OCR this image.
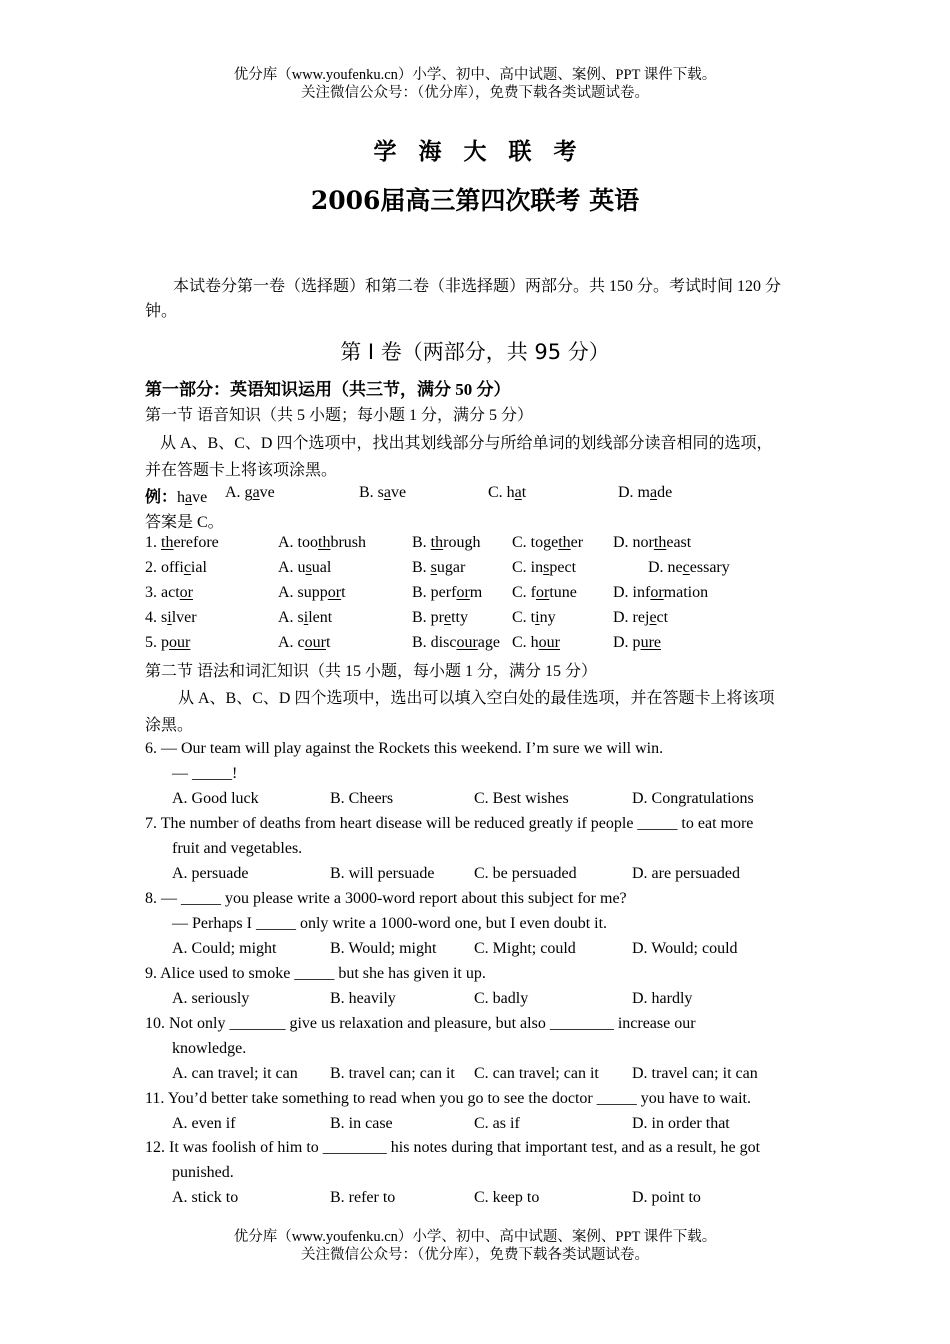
优分库（www.youfenku.cn）小学、初中、高中试题、案例、PPT 课件下载。
关注微信公众号：（优分库），免费下载各类试题试卷。
学 海 大 联 考
2006届高三第四次联考 英语
本试卷分第一卷（选择题）和第二卷（非选择题）两部分。共 150 分。考试时间 120 分钟。
第 I 卷（两部分，共 95 分）
第一部分：英语知识运用（共三节，满分 50 分）
第一节 语音知识（共 5 小题；每小题 1 分，满分 5 分）
从 A、B、C、D 四个选项中，找出其划线部分与所给单词的划线部分读音相同的选项，
并在答题卡上将该项涂黑。
例：have A. gave	B. save	C. hat	D. made
答案是 C。
1. therefore	A. toothbrush	B. through C. together D. northeast
2. official	A. usual	B. sugar	C. inspect	D. necessary
3. actor	A. support	B. perform C. fortune D. information
4. silver	A. silent	B. pretty	C. tiny	D. reject
5. pour	A. court	B. discourage C. hour	D. pure
第二节 语法和词汇知识（共 15 小题，每小题 1 分，满分 15 分）
从 A、B、C、D 四个选项中，选出可以填入空白处的最佳选项，并在答题卡上将该项
涂黑。
6. — Our team will play against the Rockets this weekend. I’m sure we will win.
— _____!
A. Good luck	B. Cheers	C. Best wishes	D. Congratulations
7. The number of deaths from heart disease will be reduced greatly if people _____ to eat more
fruit and vegetables.
A. persuade	B. will persuade C. be persuaded	D. are persuaded
8. — _____ you please write a 3000-word report about this subject for me?
— Perhaps I _____ only write a 1000-word one, but I even doubt it.
A. Could; might	B. Would; might C. Might; could	D. Would; could
9. Alice used to smoke _____ but she has given it up.
A. seriously	B. heavily	C. badly	D. hardly
10. Not only _______ give us relaxation and pleasure, but also ________ increase our
knowledge.
A. can travel; it can B. travel can; can it C. can travel; can it D. travel can; it can
11. You’d better take something to read when you go to see the doctor _____ you have to wait.
A. even if	B. in case	C. as if	D. in order that
12. It was foolish of him to ________ his notes during that important test, and as a result, he got
punished.
A. stick to	B. refer to	C. keep to	D. point to
优分库（www.youfenku.cn）小学、初中、高中试题、案例、PPT 课件下载。
关注微信公众号：（优分库），免费下载各类试题试卷。
